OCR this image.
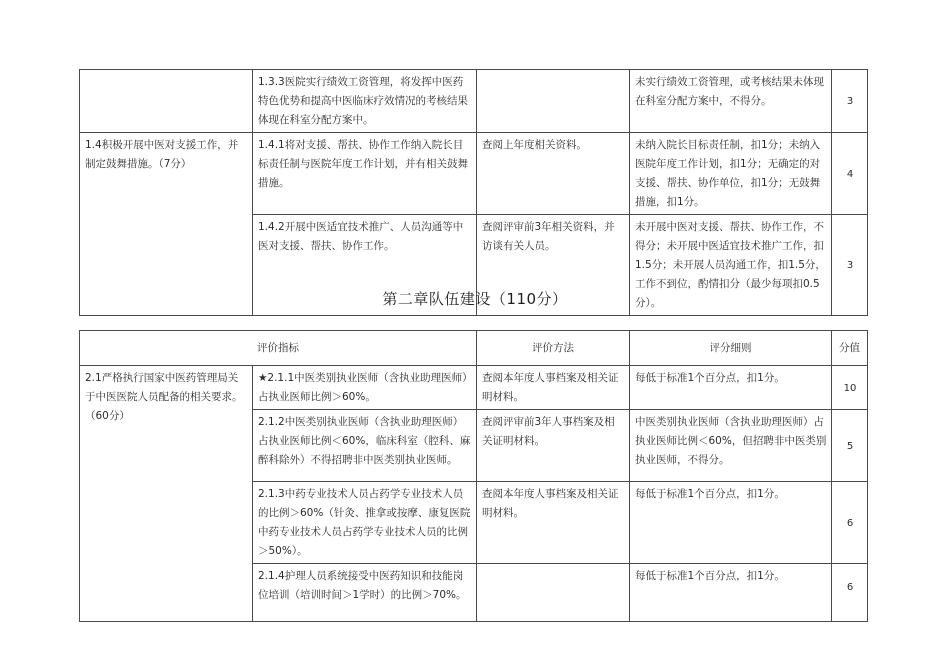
	1.3.3医院实行绩效工资管理，将发挥中医药特色优势和提高中医临床疗效情况的考核结果体现在科室分配方案中。		未实行绩效工资管理，或考核结果未体现在科室分配方案中，不得分。	3
1.4积极开展中医对支援工作，并制定鼓舞措施。（7分）	1.4.1将对支援、帮扶、协作工作纳入院长目标责任制与医院年度工作计划，并有相关鼓舞措施。	查阅上年度相关资料。	未纳入院长目标责任制，扣1分；未纳入医院年度工作计划，扣1分；无确定的对支援、帮扶、协作单位，扣1分；无鼓舞措施，扣1分。	4
	1.4.2开展中医适宜技术推广、人员沟通等中医对支援、帮扶、协作工作。	查阅评审前3年相关资料，并访谈有关人员。	未开展中医对支援、帮扶、协作工作，不得分；未开展中医适宜技术推广工作，扣1.5分；未开展人员沟通工作，扣1.5分，工作不到位，酌情扣分（最少每项扣0.5分）。	3
第二章队伍建设（110分）
评价指标		评价方法	评分细则	分值
2.1严格执行国家中医药管理局关于中医医院人员配备的相关要求。（60分）	★2.1.1中医类别执业医师（含执业助理医师）占执业医师比例＞60%。	查阅本年度人事档案及相关证明材料。	每低于标准1个百分点，扣1分。	10
	2.1.2中医类别执业医师（含执业助理医师）占执业医师比例＜60%，临床科室（腔科、麻醉科除外）不得招聘非中医类别执业医师。	查阅评审前3年人事档案及相关证明材料。	中医类别执业医师（含执业助理医师）占执业医师比例＜60%，但招聘非中医类别执业医师，不得分。	5
	2.1.3中药专业技术人员占药学专业技术人员的比例＞60%（针灸、推拿或按摩、康复医院中药专业技术人员占药学专业技术人员的比例＞50%）。	查阅本年度人事档案及相关证明材料。	每低于标准1个百分点，扣1分。	6
	2.1.4护理人员系统接受中医药知识和技能岗位培训（培训时间＞1学时）的比例＞70%。		每低于标准1个百分点，扣1分。	6
